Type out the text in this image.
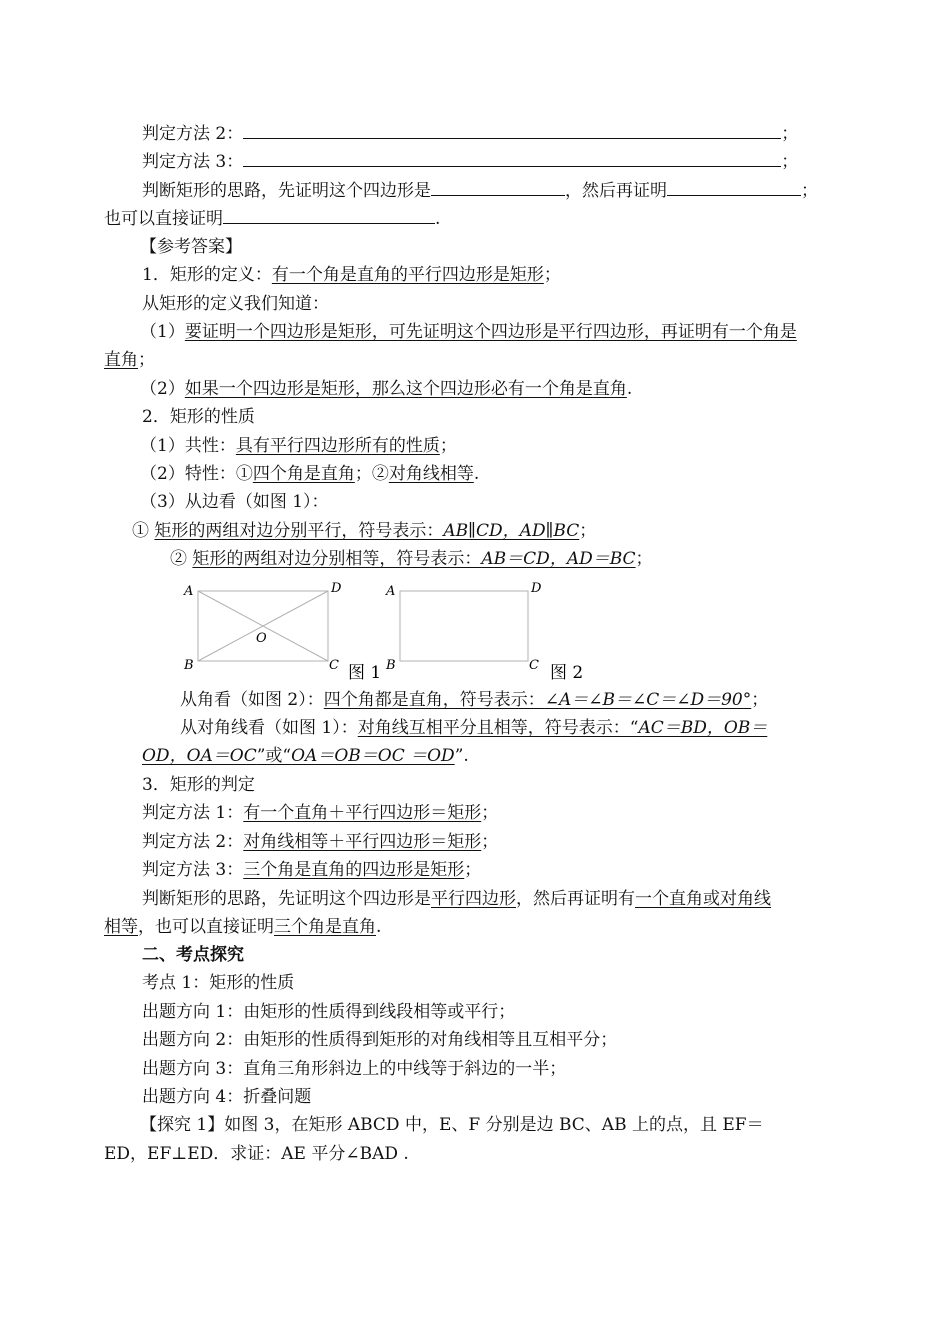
判定方法 2：	；
判定方法 3：	；
判断矩形的思路，先证明这个四边形是	，然后再证明	；
也可以直接证明	.
【参考答案】
1．矩形的定义：有一个角是直角的平行四边形是矩形；
从矩形的定义我们知道：
（1）要证明一个四边形是矩形，可先证明这个四边形是平行四边形，再证明有一个角是
直角；
（2）如果一个四边形是矩形，那么这个四边形必有一个角是直角.
2．矩形的性质
（1）共性：具有平行四边形所有的性质；
（2）特性：①四个角是直角；②对角线相等.
（3）从边看（如图 1）：
① 矩形的两组对边分别平行，符号表示：AB∥CD，AD∥BC；
② 矩形的两组对边分别相等，符号表示：AB＝CD，AD＝BC；
A	D
B	C
O
图 1
A	D
B	C 图 2
从角看（如图 2）：四个角都是直角，符号表示：∠A＝∠B＝∠C＝∠D＝90°；
从对角线看（如图 1）：对角线互相平分且相等，符号表示：“AC＝BD，OB＝
OD，OA＝OC”或“OA＝OB＝OC ＝OD”.
3．矩形的判定
判定方法 1：有一个直角＋平行四边形＝矩形；
判定方法 2：对角线相等＋平行四边形＝矩形；
判定方法 3：三个角是直角的四边形是矩形；
判断矩形的思路，先证明这个四边形是平行四边形，然后再证明有一个直角或对角线
相等，也可以直接证明三个角是直角.
二、考点探究
考点 1：矩形的性质
出题方向 1：由矩形的性质得到线段相等或平行；
出题方向 2：由矩形的性质得到矩形的对角线相等且互相平分；
出题方向 3：直角三角形斜边上的中线等于斜边的一半；
出题方向 4：折叠问题
【探究 1】如图 3，在矩形 ABCD 中，E、F 分别是边 BC、AB 上的点，且 EF＝
ED，EF⊥ED．求证：AE 平分∠BAD .
